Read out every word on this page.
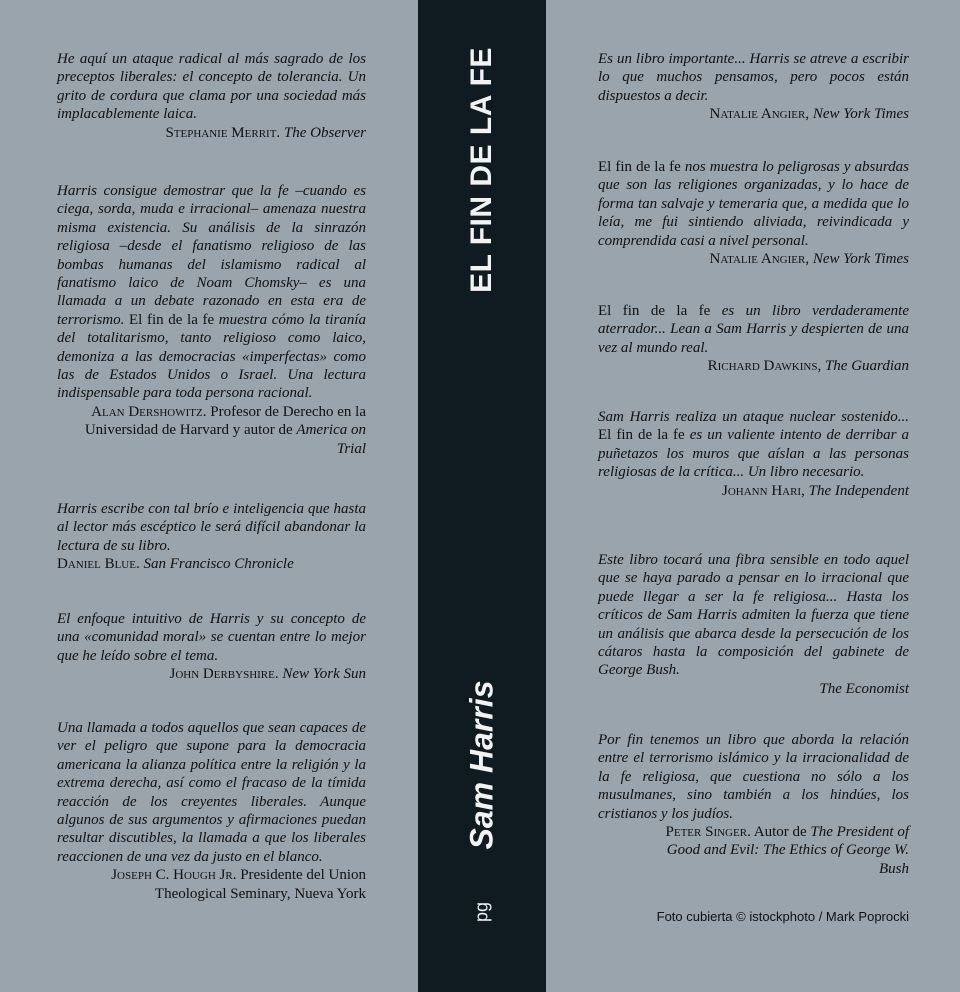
EL FIN DE LA FE
Sam Harris
pg

He aquí un ataque radical al más sagrado de los preceptos liberales: el concepto de tolerancia. Un grito de cordura que clama por una sociedad más implacablemente laica.
Stephanie Merrit. The Observer

Harris consigue demostrar que la fe –cuando es ciega, sorda, muda e irracional– amenaza nuestra misma existencia. Su análisis de la sinrazón religiosa –desde el fanatismo religioso de las bombas humanas del islamismo radical al fanatismo laico de Noam Chomsky– es una llamada a un debate razonado en esta era de terrorismo. El fin de la fe muestra cómo la tiranía del totalitarismo, tanto religioso como laico, demoniza a las democracias «imperfectas» como las de Estados Unidos o Israel. Una lectura indispensable para toda persona racional.
Alan Dershowitz. Profesor de Derecho en la Universidad de Harvard y autor de America on Trial

Harris escribe con tal brío e inteligencia que hasta al lector más escéptico le será difícil abandonar la lectura de su libro.
Daniel Blue. San Francisco Chronicle

El enfoque intuitivo de Harris y su concepto de una «comunidad moral» se cuentan entre lo mejor que he leído sobre el tema.
John Derbyshire. New York Sun

Una llamada a todos aquellos que sean capaces de ver el peligro que supone para la democracia americana la alianza política entre la religión y la extrema derecha, así como el fracaso de la tímida reacción de los creyentes liberales. Aunque algunos de sus argumentos y afirmaciones puedan resultar discutibles, la llamada a que los liberales reaccionen de una vez da justo en el blanco.
Joseph C. Hough Jr. Presidente del Union Theological Seminary, Nueva York

Es un libro importante... Harris se atreve a escribir lo que muchos pensamos, pero pocos están dispuestos a decir.
Natalie Angier, New York Times

El fin de la fe nos muestra lo peligrosas y absurdas que son las religiones organizadas, y lo hace de forma tan salvaje y temeraria que, a medida que lo leía, me fui sintiendo aliviada, reivindicada y comprendida casi a nivel personal.
Natalie Angier, New York Times

El fin de la fe es un libro verdaderamente aterrador... Lean a Sam Harris y despierten de una vez al mundo real.
Richard Dawkins, The Guardian

Sam Harris realiza un ataque nuclear sostenido... El fin de la fe es un valiente intento de derribar a puñetazos los muros que aíslan a las personas religiosas de la crítica... Un libro necesario.
Johann Hari, The Independent

Este libro tocará una fibra sensible en todo aquel que se haya parado a pensar en lo irracional que puede llegar a ser la fe religiosa... Hasta los críticos de Sam Harris admiten la fuerza que tiene un análisis que abarca desde la persecución de los cátaros hasta la composición del gabinete de George Bush.
The Economist

Por fin tenemos un libro que aborda la relación entre el terrorismo islámico y la irracionalidad de la fe religiosa, que cuestiona no sólo a los musulmanes, sino también a los hindúes, los cristianos y los judíos.
Peter Singer. Autor de The President of Good and Evil: The Ethics of George W. Bush

Foto cubierta © istockphoto / Mark Poprocki
